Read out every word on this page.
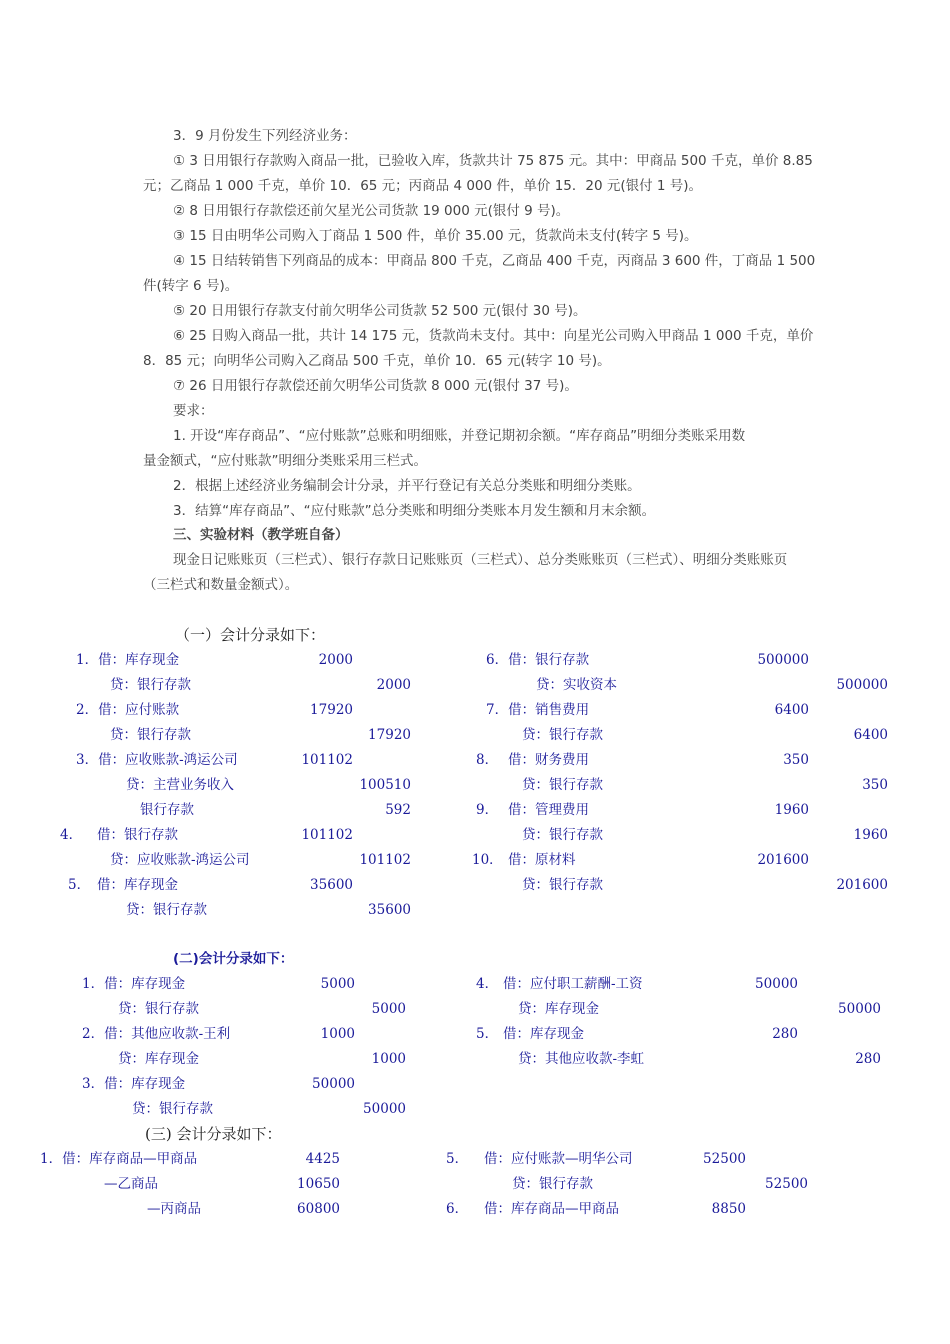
3．9 月份发生下列经济业务：
① 3 日用银行存款购入商品一批，已验收入库，货款共计 75 875 元。其中：甲商品 500 千克，单价 8.85
元；乙商品 1 000 千克，单价 10．65 元；丙商品 4 000 件，单价 15．20 元(银付 1 号)。
② 8 日用银行存款偿还前欠星光公司货款 19 000 元(银付 9 号)。
③ 15 日由明华公司购入丁商品 1 500 件，单价 35.00 元，货款尚未支付(转字 5 号)。
④ 15 日结转销售下列商品的成本：甲商品 800 千克，乙商品 400 千克，丙商品 3 600 件，丁商品 1 500
件(转字 6 号)。
⑤ 20 日用银行存款支付前欠明华公司货款 52 500 元(银付 30 号)。
⑥ 25 日购入商品一批，共计 14 175 元，货款尚未支付。其中：向星光公司购入甲商品 1 000 千克，单价
8．85 元；向明华公司购入乙商品 500 千克，单价 10．65 元(转字 10 号)。
⑦ 26 日用银行存款偿还前欠明华公司货款 8 000 元(银付 37 号)。
要求：
1. 开设“库存商品”、“应付账款”总账和明细账，并登记期初余额。“库存商品”明细分类账采用数
量金额式，“应付账款”明细分类账采用三栏式。
2．根据上述经济业务编制会计分录，并平行登记有关总分类账和明细分类账。
3．结算“库存商品”、“应付账款”总分类账和明细分类账本月发生额和月末余额。
三、实验材料（教学班自备）
现金日记账账页（三栏式）、银行存款日记账账页（三栏式）、总分类账账页（三栏式）、明细分类账账页
（三栏式和数量金额式）。
（一）会计分录如下：
1．借：库存现金	2000
贷：银行存款	2000
2．借：应付账款	17920
贷：银行存款	17920
3．借：应收账款-鸿运公司	101102
贷：主营业务收入	100510
银行存款	592
4． 借：银行存款	101102
贷：应收账款-鸿运公司	101102
5． 借：库存现金	35600
贷：银行存款	35600
6．借：银行存款	500000
贷：实收资本	500000
7．借：销售费用	6400
贷：银行存款	6400
8． 借：财务费用	350
贷：银行存款	350
9． 借：管理费用	1960
贷：银行存款	1960
10． 借：原材料	201600
贷：银行存款	201600
(二)会计分录如下：
1．借：库存现金	5000
贷：银行存款	5000
2．借：其他应收款-王利	1000
贷：库存现金	1000
3．借：库存现金	50000
贷：银行存款	50000
4． 借：应付职工薪酬-工资	50000
贷：库存现金	50000
5． 借：库存现金	280
贷：其他应收款-李虹	280
(三) 会计分录如下：
1．借：库存商品—甲商品	4425
—乙商品	10650
—丙商品	60800
5． 借：应付账款—明华公司	52500
贷：银行存款	52500
6． 借：库存商品—甲商品	8850
